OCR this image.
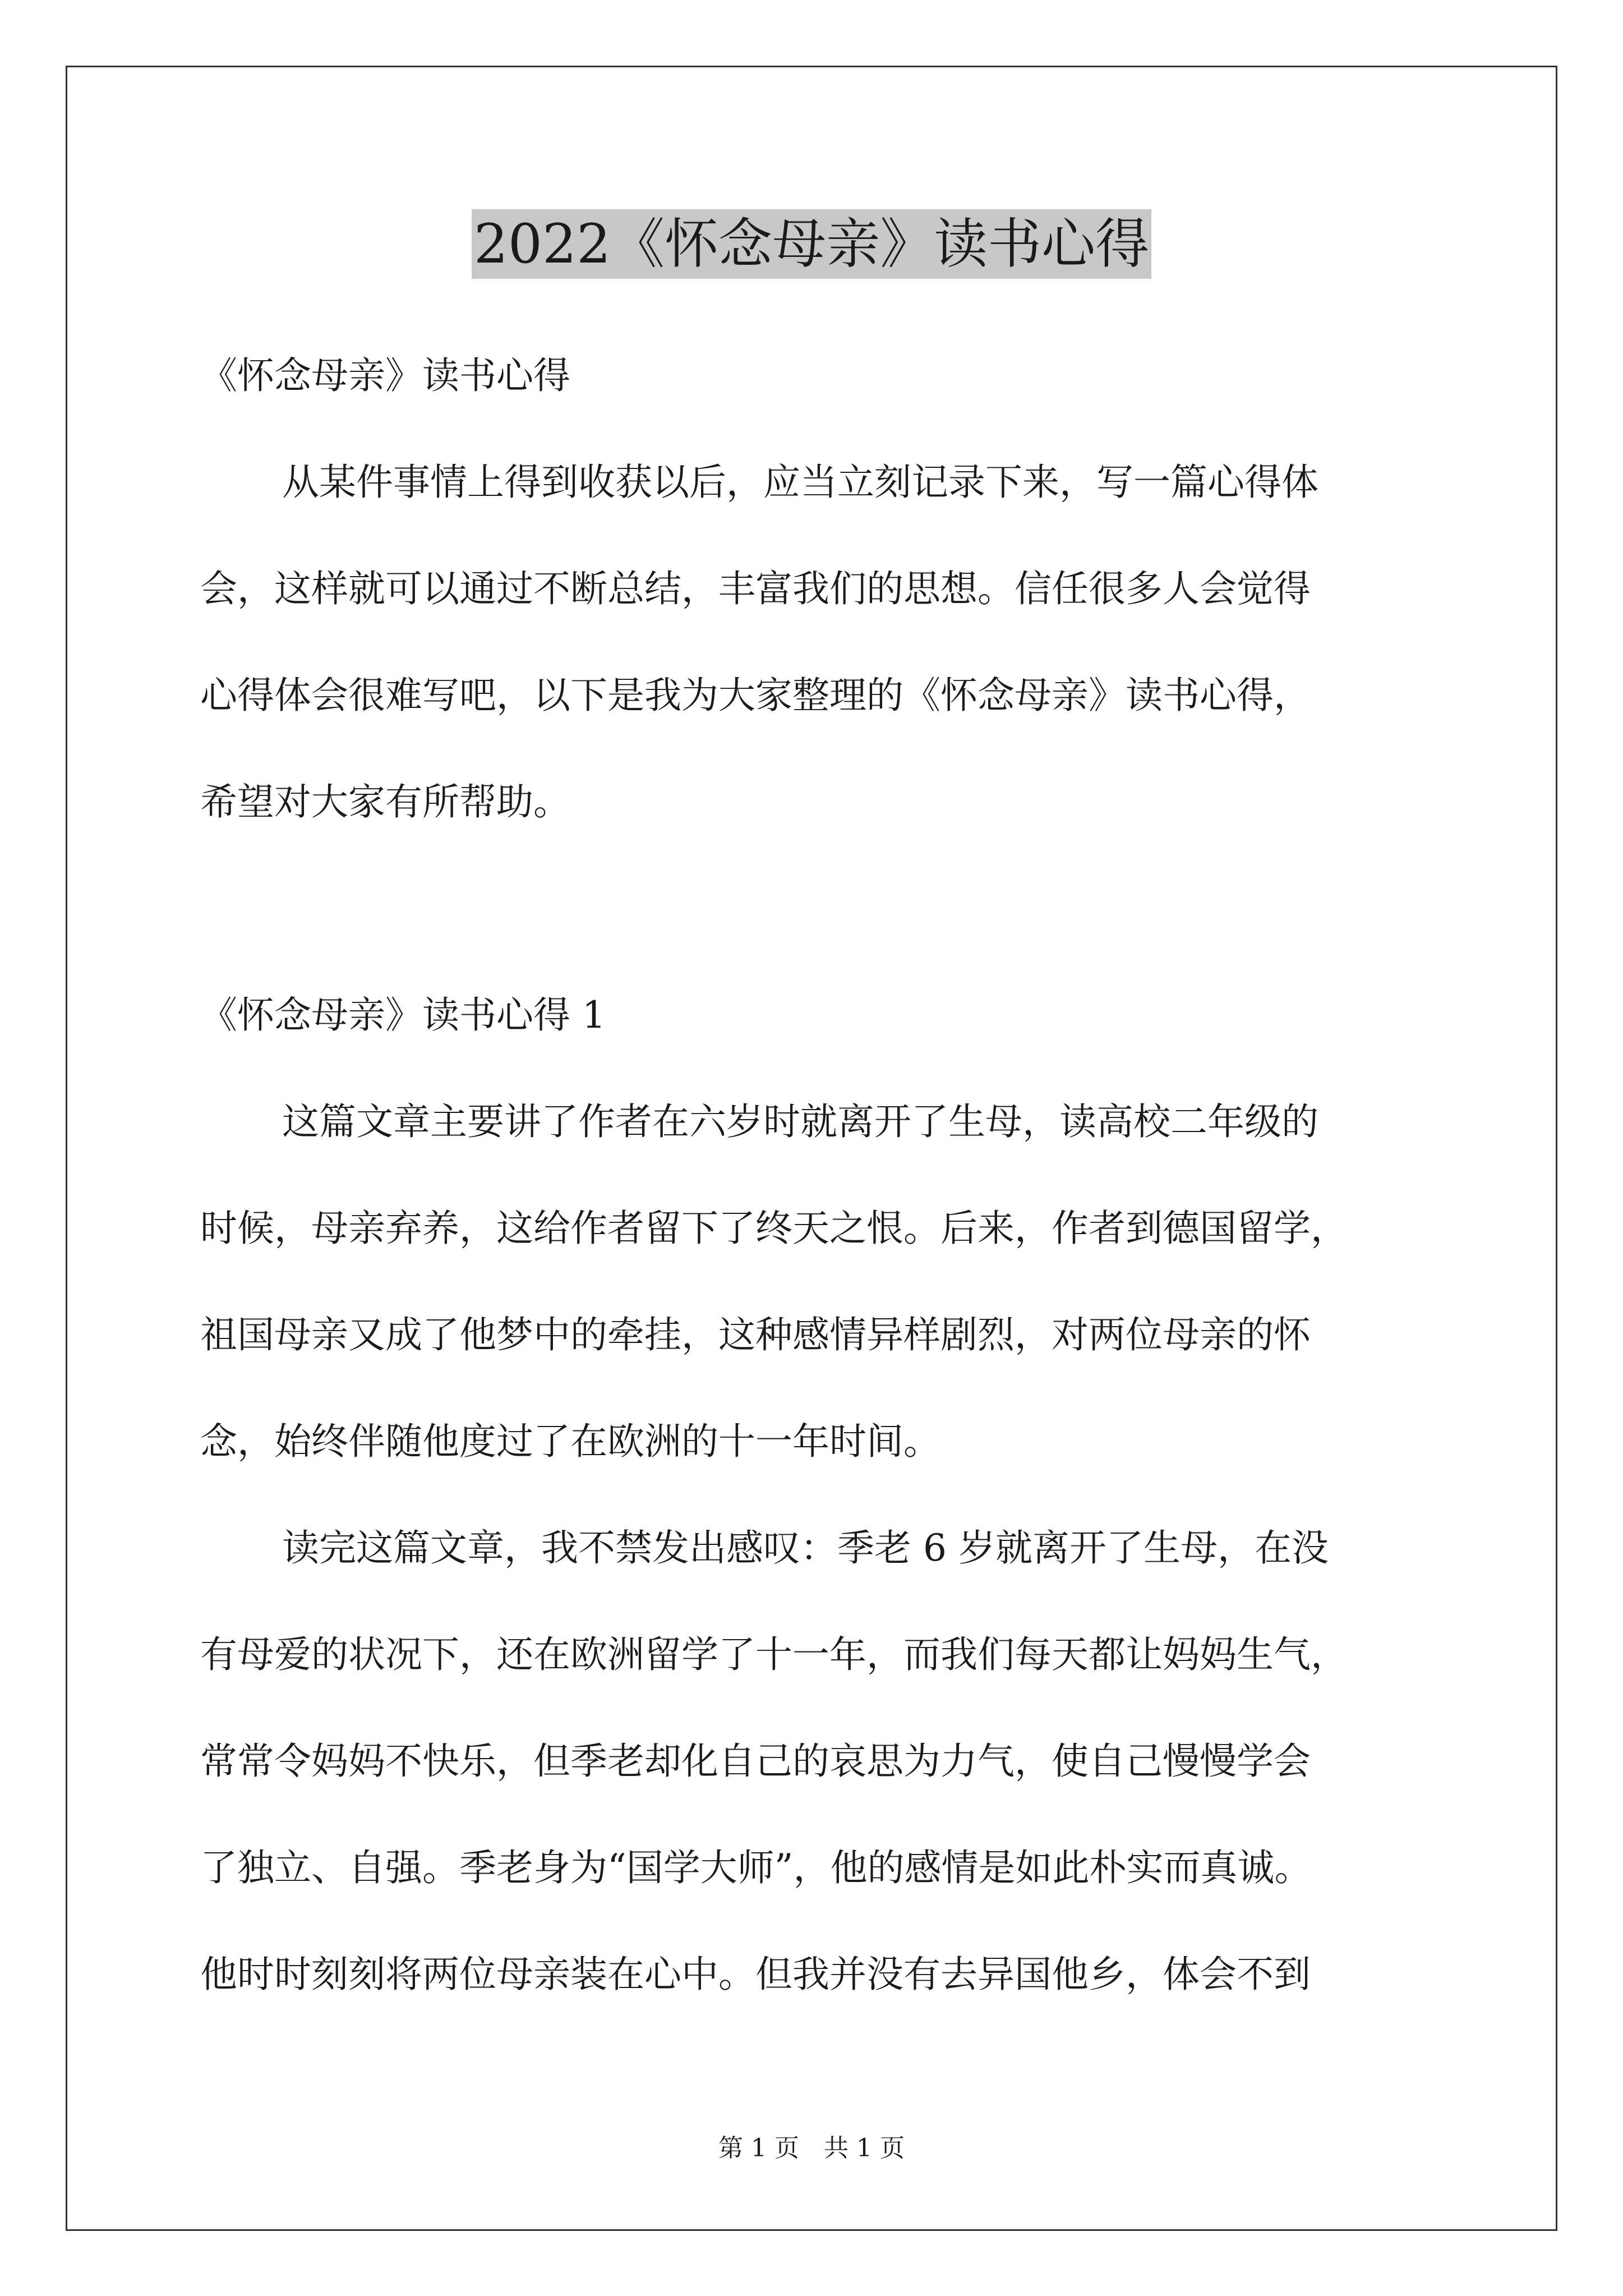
2022《怀念母亲》读书心得
《怀念母亲》读书心得
从某件事情上得到收获以后，应当立刻记录下来，写一篇心得体
会，这样就可以通过不断总结，丰富我们的思想。信任很多人会觉得
心得体会很难写吧，以下是我为大家整理的《怀念母亲》读书心得，
希望对大家有所帮助。
《怀念母亲》读书心得 1
这篇文章主要讲了作者在六岁时就离开了生母，读高校二年级的
时候，母亲弃养，这给作者留下了终天之恨。后来，作者到德国留学，
祖国母亲又成了他梦中的牵挂，这种感情异样剧烈，对两位母亲的怀
念，始终伴随他度过了在欧洲的十一年时间。
读完这篇文章，我不禁发出感叹：季老 6 岁就离开了生母，在没
有母爱的状况下，还在欧洲留学了十一年，而我们每天都让妈妈生气，
常常令妈妈不快乐，但季老却化自己的哀思为力气，使自己慢慢学会
了独立、自强。季老身为“国学大师”，他的感情是如此朴实而真诚。
他时时刻刻将两位母亲装在心中。但我并没有去异国他乡，体会不到
第 1 页　共 1 页
